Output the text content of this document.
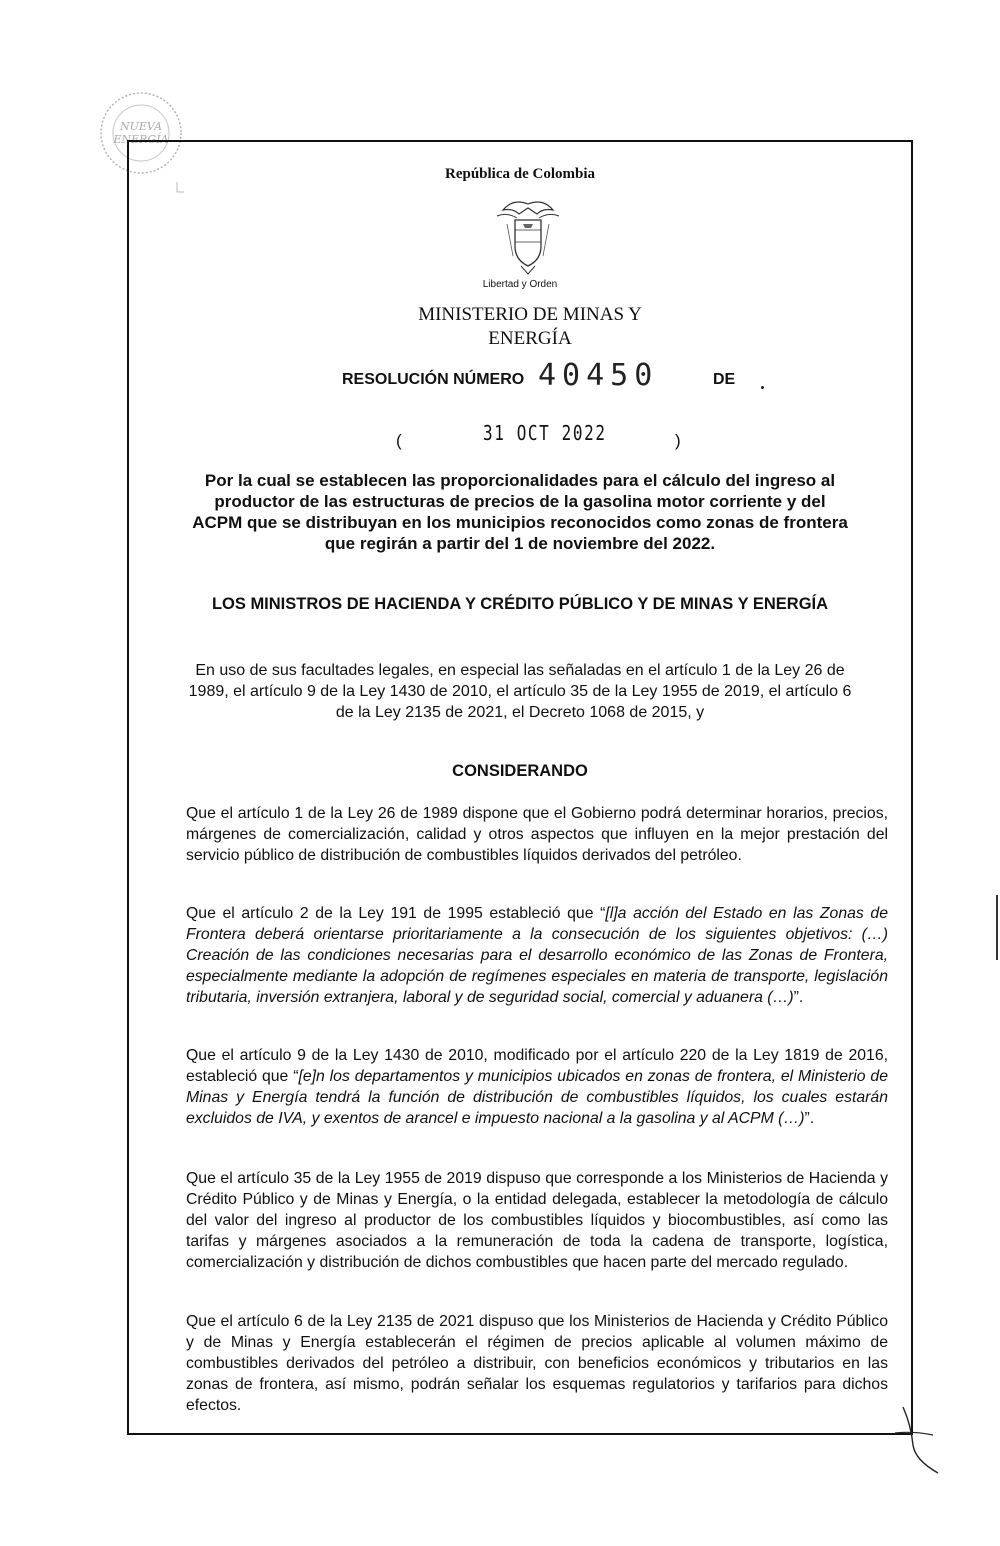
NUEVA
ENERGÍA
República de Colombia
Libertad y Orden
MINISTERIO DE MINAS Y ENERGÍA
RESOLUCIÓN NÚMERO 40450	DE
(	31 OCT 2022	)
Por la cual se establecen las proporcionalidades para el cálculo del ingreso al productor de las estructuras de precios de la gasolina motor corriente y del ACPM que se distribuyan en los municipios reconocidos como zonas de frontera que regirán a partir del 1 de noviembre del 2022.
LOS MINISTROS DE HACIENDA Y CRÉDITO PÚBLICO Y DE MINAS Y ENERGÍA
En uso de sus facultades legales, en especial las señaladas en el artículo 1 de la Ley 26 de 1989, el artículo 9 de la Ley 1430 de 2010, el artículo 35 de la Ley 1955 de 2019, el artículo 6 de la Ley 2135 de 2021, el Decreto 1068 de 2015, y
CONSIDERANDO
Que el artículo 1 de la Ley 26 de 1989 dispone que el Gobierno podrá determinar horarios, precios, márgenes de comercialización, calidad y otros aspectos que influyen en la mejor prestación del servicio público de distribución de combustibles líquidos derivados del petróleo.
Que el artículo 2 de la Ley 191 de 1995 estableció que “[l]a acción del Estado en las Zonas de Frontera deberá orientarse prioritariamente a la consecución de los siguientes objetivos: (…) Creación de las condiciones necesarias para el desarrollo económico de las Zonas de Frontera, especialmente mediante la adopción de regímenes especiales en materia de transporte, legislación tributaria, inversión extranjera, laboral y de seguridad social, comercial y aduanera (…)”.
Que el artículo 9 de la Ley 1430 de 2010, modificado por el artículo 220 de la Ley 1819 de 2016, estableció que “[e]n los departamentos y municipios ubicados en zonas de frontera, el Ministerio de Minas y Energía tendrá la función de distribución de combustibles líquidos, los cuales estarán excluidos de IVA, y exentos de arancel e impuesto nacional a la gasolina y al ACPM (…)”.
Que el artículo 35 de la Ley 1955 de 2019 dispuso que corresponde a los Ministerios de Hacienda y Crédito Público y de Minas y Energía, o la entidad delegada, establecer la metodología de cálculo del valor del ingreso al productor de los combustibles líquidos y biocombustibles, así como las tarifas y márgenes asociados a la remuneración de toda la cadena de transporte, logística, comercialización y distribución de dichos combustibles que hacen parte del mercado regulado.
Que el artículo 6 de la Ley 2135 de 2021 dispuso que los Ministerios de Hacienda y Crédito Público y de Minas y Energía establecerán el régimen de precios aplicable al volumen máximo de combustibles derivados del petróleo a distribuir, con beneficios económicos y tributarios en las zonas de frontera, así mismo, podrán señalar los esquemas regulatorios y tarifarios para dichos efectos.
